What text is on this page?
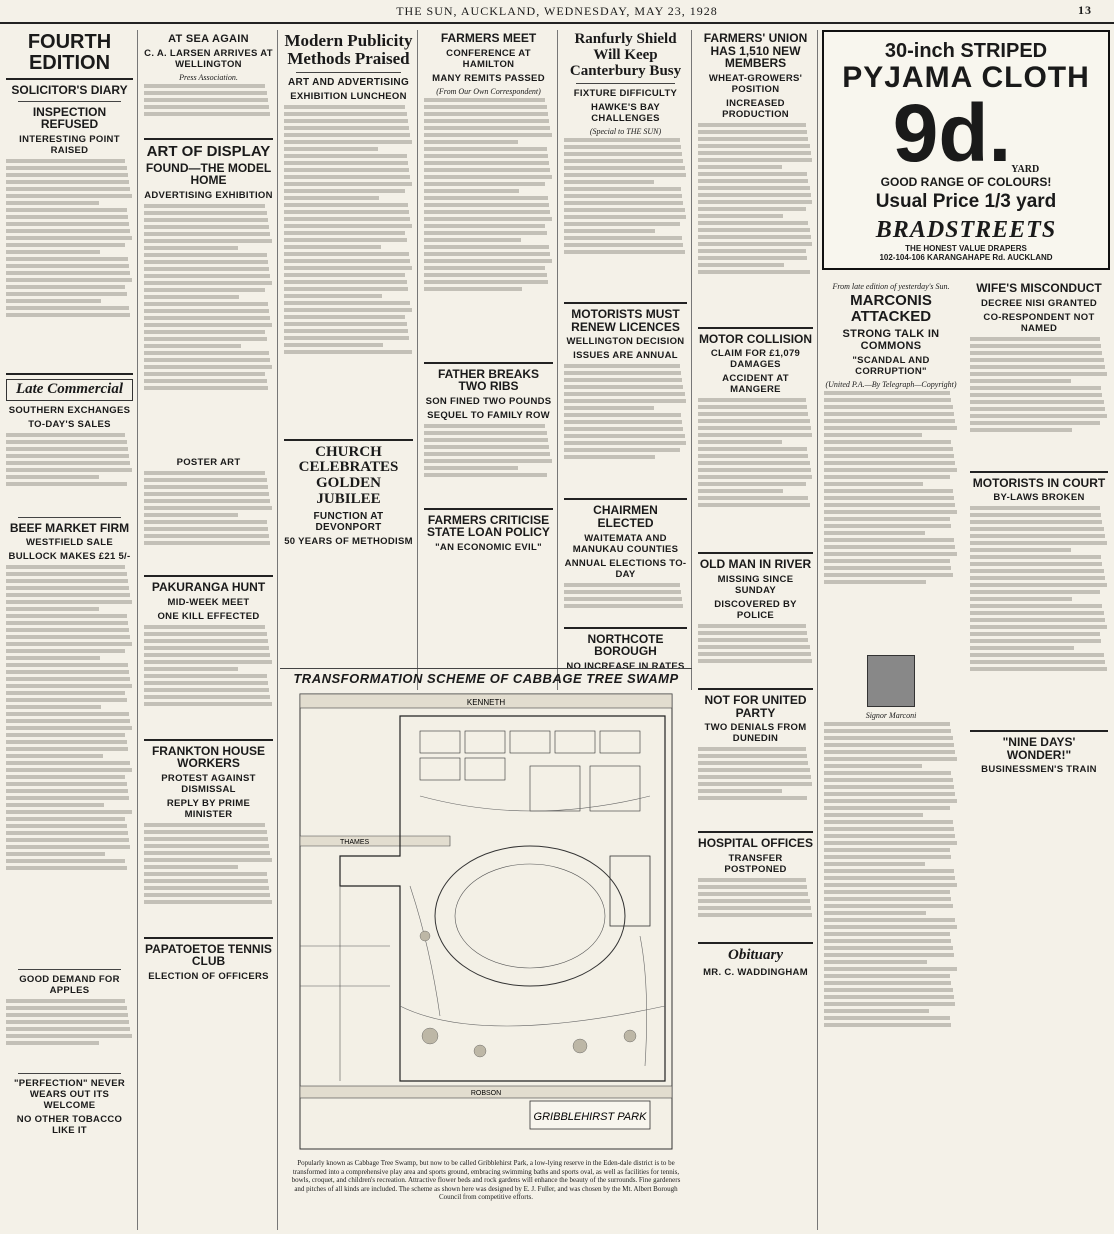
THE SUN, AUCKLAND, WEDNESDAY, MAY 23, 1928	13
FOURTH EDITION
SOLICITOR'S DIARY
INSPECTION REFUSED
INTERESTING POINT RAISED
Late Commercial
SOUTHERN EXCHANGES
TO-DAY'S SALES
BEEF MARKET FIRM
WESTFIELD SALE
BULLOCK MAKES £21 5/-
GOOD DEMAND FOR APPLES
"PERFECTION" NEVER WEARS OUT ITS WELCOME
NO OTHER TOBACCO LIKE IT
AT SEA AGAIN
C. A. LARSEN ARRIVES AT WELLINGTON
Press Association.
ART OF DISPLAY
FOUND—THE MODEL HOME
ADVERTISING EXHIBITION
POSTER ART
PAKURANGA HUNT
MID-WEEK MEET
ONE KILL EFFECTED
FRANKTON HOUSE WORKERS
PROTEST AGAINST DISMISSAL
REPLY BY PRIME MINISTER
PAPATOETOE TENNIS CLUB
ELECTION OF OFFICERS
Modern Publicity Methods Praised
ART AND ADVERTISING
EXHIBITION LUNCHEON
CHURCH CELEBRATES GOLDEN JUBILEE
FUNCTION AT DEVONPORT
50 YEARS OF METHODISM
FARMERS MEET
CONFERENCE AT HAMILTON
MANY REMITS PASSED
(From Our Own Correspondent)
FATHER BREAKS TWO RIBS
SON FINED TWO POUNDS
SEQUEL TO FAMILY ROW
FARMERS CRITICISE STATE LOAN POLICY
"AN ECONOMIC EVIL"
Ranfurly Shield Will Keep Canterbury Busy
FIXTURE DIFFICULTY
HAWKE'S BAY CHALLENGES
(Special to THE SUN)
MOTORISTS MUST RENEW LICENCES
WELLINGTON DECISION
ISSUES ARE ANNUAL
CHAIRMEN ELECTED
WAITEMATA AND MANUKAU COUNTIES
ANNUAL ELECTIONS TO-DAY
NORTHCOTE BOROUGH
NO INCREASE IN RATES
FARMERS' UNION HAS 1,510 NEW MEMBERS
WHEAT-GROWERS' POSITION
INCREASED PRODUCTION
MOTOR COLLISION
CLAIM FOR £1,079 DAMAGES
ACCIDENT AT MANGERE
OLD MAN IN RIVER
MISSING SINCE SUNDAY
DISCOVERED BY POLICE
NOT FOR UNITED PARTY
TWO DENIALS FROM DUNEDIN
HOSPITAL OFFICES
TRANSFER POSTPONED
Obituary
MR. C. WADDINGHAM
30-inch STRIPED
PYJAMA CLOTH
9d.YARD
GOOD RANGE OF COLOURS!
Usual Price 1/3 yard
BRADSTREETS
THE HONEST VALUE DRAPERS
102-104-106 KARANGAHAPE Rd. AUCKLAND
From late edition of yesterday's Sun.
MARCONIS ATTACKED
STRONG TALK IN COMMONS
"SCANDAL AND CORRUPTION"
(United P.A.—By Telegraph—Copyright)
Signor Marconi
WIFE'S MISCONDUCT
DECREE NISI GRANTED
CO-RESPONDENT NOT NAMED
MOTORISTS IN COURT
BY-LAWS BROKEN
"NINE DAYS' WONDER!"
BUSINESSMEN'S TRAIN
TRANSFORMATION SCHEME OF CABBAGE TREE SWAMP
KENNETH
THAMES
ROBSON
GRIBBLEHIRST PARK
Popularly known as Cabbage Tree Swamp, but now to be called Gribblehirst Park, a low-lying reserve in the Eden-dale district is to be transformed into a comprehensive play area and sports ground, embracing swimming baths and sports oval, as well as facilities for tennis, bowls, croquet, and children's recreation. Attractive flower beds and rock gardens will enhance the beauty of the surrounds. Fine gardeners and pitches of all kinds are included. The scheme as shown here was designed by E. J. Fuller, and was chosen by the Mt. Albert Borough Council from competitive efforts.
